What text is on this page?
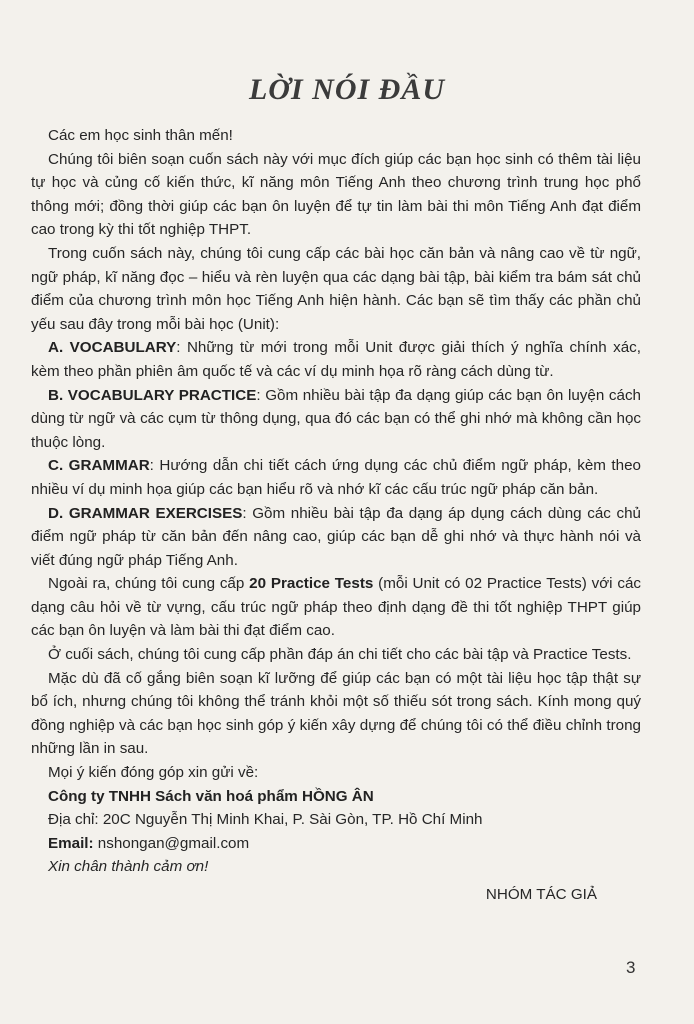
LỜI NÓI ĐẦU

Các em học sinh thân mến!

Chúng tôi biên soạn cuốn sách này với mục đích giúp các bạn học sinh có thêm tài liệu tự học và củng cố kiến thức, kĩ năng môn Tiếng Anh theo chương trình trung học phổ thông mới; đồng thời giúp các bạn ôn luyện để tự tin làm bài thi môn Tiếng Anh đạt điểm cao trong kỳ thi tốt nghiệp THPT.

Trong cuốn sách này, chúng tôi cung cấp các bài học căn bản và nâng cao về từ ngữ, ngữ pháp, kĩ năng đọc – hiểu và rèn luyện qua các dạng bài tập, bài kiểm tra bám sát chủ điểm của chương trình môn học Tiếng Anh hiện hành. Các bạn sẽ tìm thấy các phần chủ yếu sau đây trong mỗi bài học (Unit):

A. VOCABULARY: Những từ mới trong mỗi Unit được giải thích ý nghĩa chính xác, kèm theo phần phiên âm quốc tế và các ví dụ minh họa rõ ràng cách dùng từ.

B. VOCABULARY PRACTICE: Gồm nhiều bài tập đa dạng giúp các bạn ôn luyện cách dùng từ ngữ và các cụm từ thông dụng, qua đó các bạn có thể ghi nhớ mà không cần học thuộc lòng.

C. GRAMMAR: Hướng dẫn chi tiết cách ứng dụng các chủ điểm ngữ pháp, kèm theo nhiều ví dụ minh họa giúp các bạn hiểu rõ và nhớ kĩ các cấu trúc ngữ pháp căn bản.

D. GRAMMAR EXERCISES: Gồm nhiều bài tập đa dạng áp dụng cách dùng các chủ điểm ngữ pháp từ căn bản đến nâng cao, giúp các bạn dễ ghi nhớ và thực hành nói và viết đúng ngữ pháp Tiếng Anh.

Ngoài ra, chúng tôi cung cấp 20 Practice Tests (mỗi Unit có 02 Practice Tests) với các dạng câu hỏi về từ vựng, cấu trúc ngữ pháp theo định dạng đề thi tốt nghiệp THPT giúp các bạn ôn luyện và làm bài thi đạt điểm cao.

Ở cuối sách, chúng tôi cung cấp phần đáp án chi tiết cho các bài tập và Practice Tests.

Mặc dù đã cố gắng biên soạn kĩ lưỡng để giúp các bạn có một tài liệu học tập thật sự bổ ích, nhưng chúng tôi không thể tránh khỏi một số thiếu sót trong sách. Kính mong quý đồng nghiệp và các bạn học sinh góp ý kiến xây dựng để chúng tôi có thể điều chỉnh trong những lần in sau.

Mọi ý kiến đóng góp xin gửi về:

Công ty TNHH Sách văn hoá phẩm HỒNG ÂN

Địa chỉ: 20C Nguyễn Thị Minh Khai, P. Sài Gòn, TP. Hồ Chí Minh

Email: nshongan@gmail.com

Xin chân thành cảm ơn!

NHÓM TÁC GIẢ

3
